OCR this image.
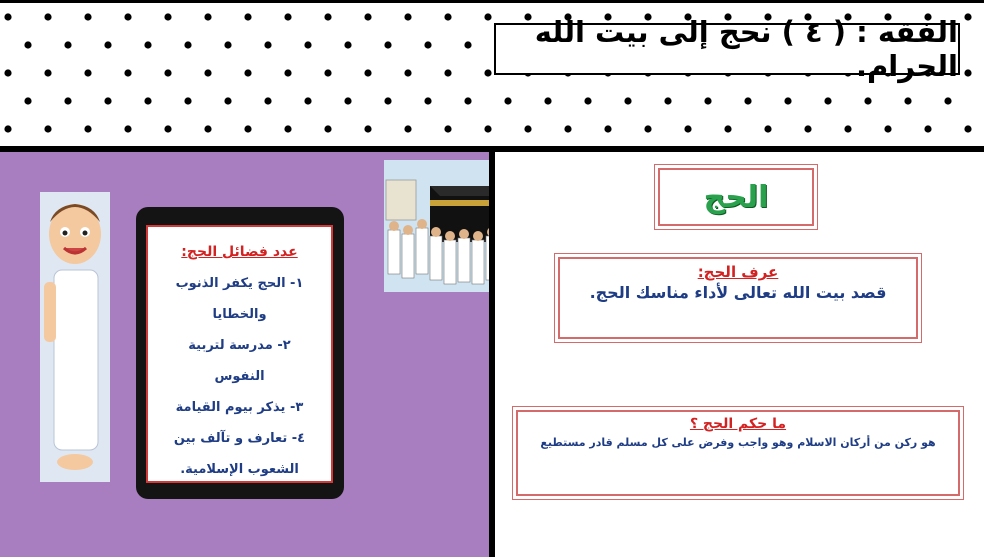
الفقه : ( ٤ ) نحج إلى بيت الله الحرام.
عدد فضائل الحج:
١- الحج يكفر الذنوب
والخطايا
٢- مدرسة لتربية
النفوس
٣- يذكر بيوم القيامة
٤- تعارف و تآلف بين
الشعوب الإسلامية.
الحج
عرف الحج:
قصد بيت الله تعالى لأداء مناسك الحج.
ما حكم الحج ؟
هو ركن من أركان الاسلام وهو واجب وفرض على كل مسلم قادر مستطيع
